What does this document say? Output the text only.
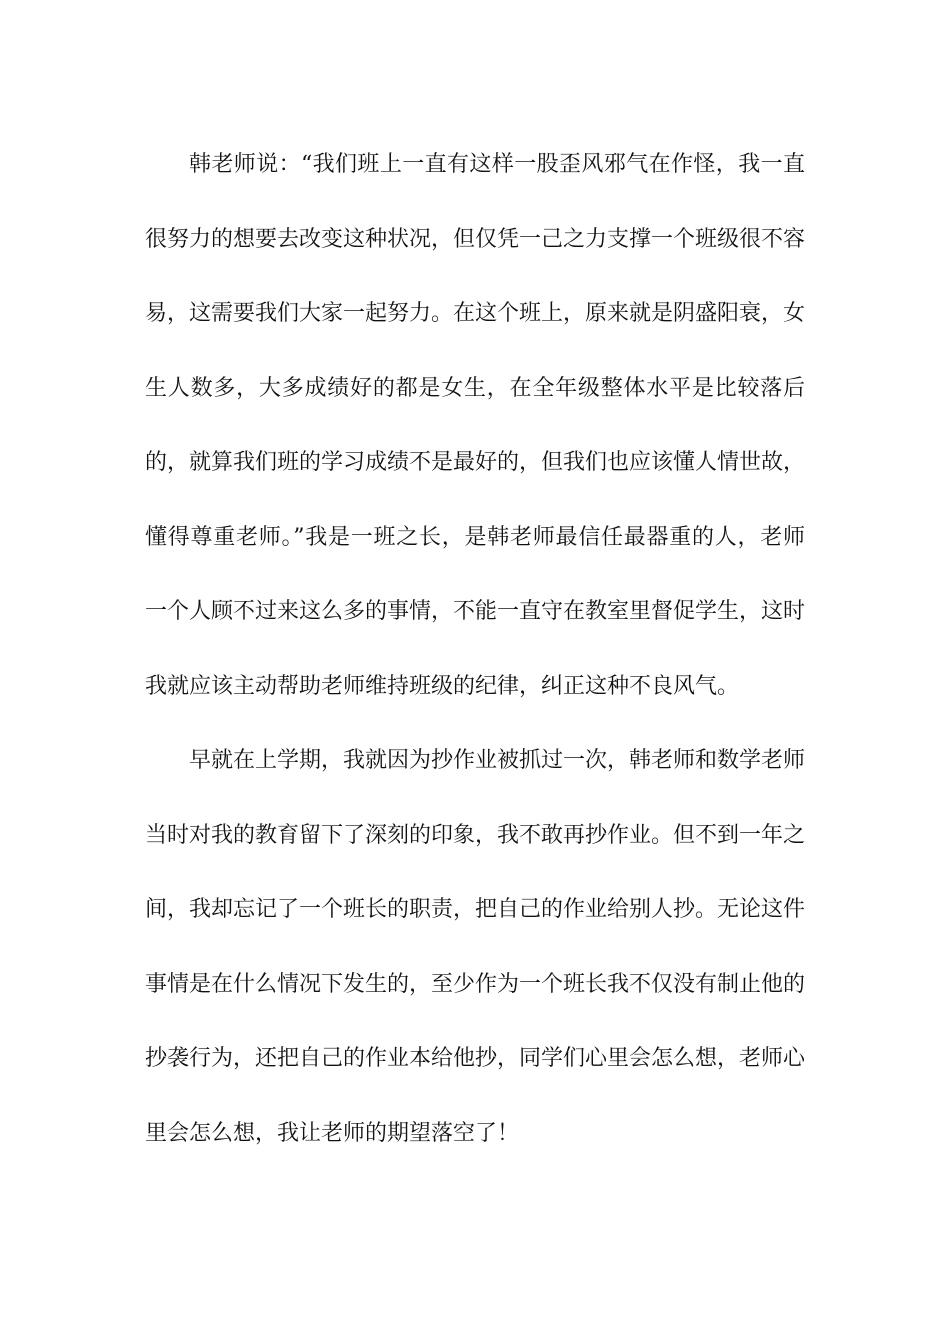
韩老师说：“我们班上一直有这样一股歪风邪气在作怪，我一直很努力的想要去改变这种状况，但仅凭一己之力支撑一个班级很不容易，这需要我们大家一起努力。在这个班上，原来就是阴盛阳衰，女生人数多，大多成绩好的都是女生，在全年级整体水平是比较落后的，就算我们班的学习成绩不是最好的，但我们也应该懂人情世故，懂得尊重老师。”我是一班之长，是韩老师最信任最器重的人，老师一个人顾不过来这么多的事情，不能一直守在教室里督促学生，这时我就应该主动帮助老师维持班级的纪律，纠正这种不良风气。

早就在上学期，我就因为抄作业被抓过一次，韩老师和数学老师当时对我的教育留下了深刻的印象，我不敢再抄作业。但不到一年之间，我却忘记了一个班长的职责，把自己的作业给别人抄。无论这件事情是在什么情况下发生的，至少作为一个班长我不仅没有制止他的抄袭行为，还把自己的作业本给他抄，同学们心里会怎么想，老师心里会怎么想，我让老师的期望落空了！
